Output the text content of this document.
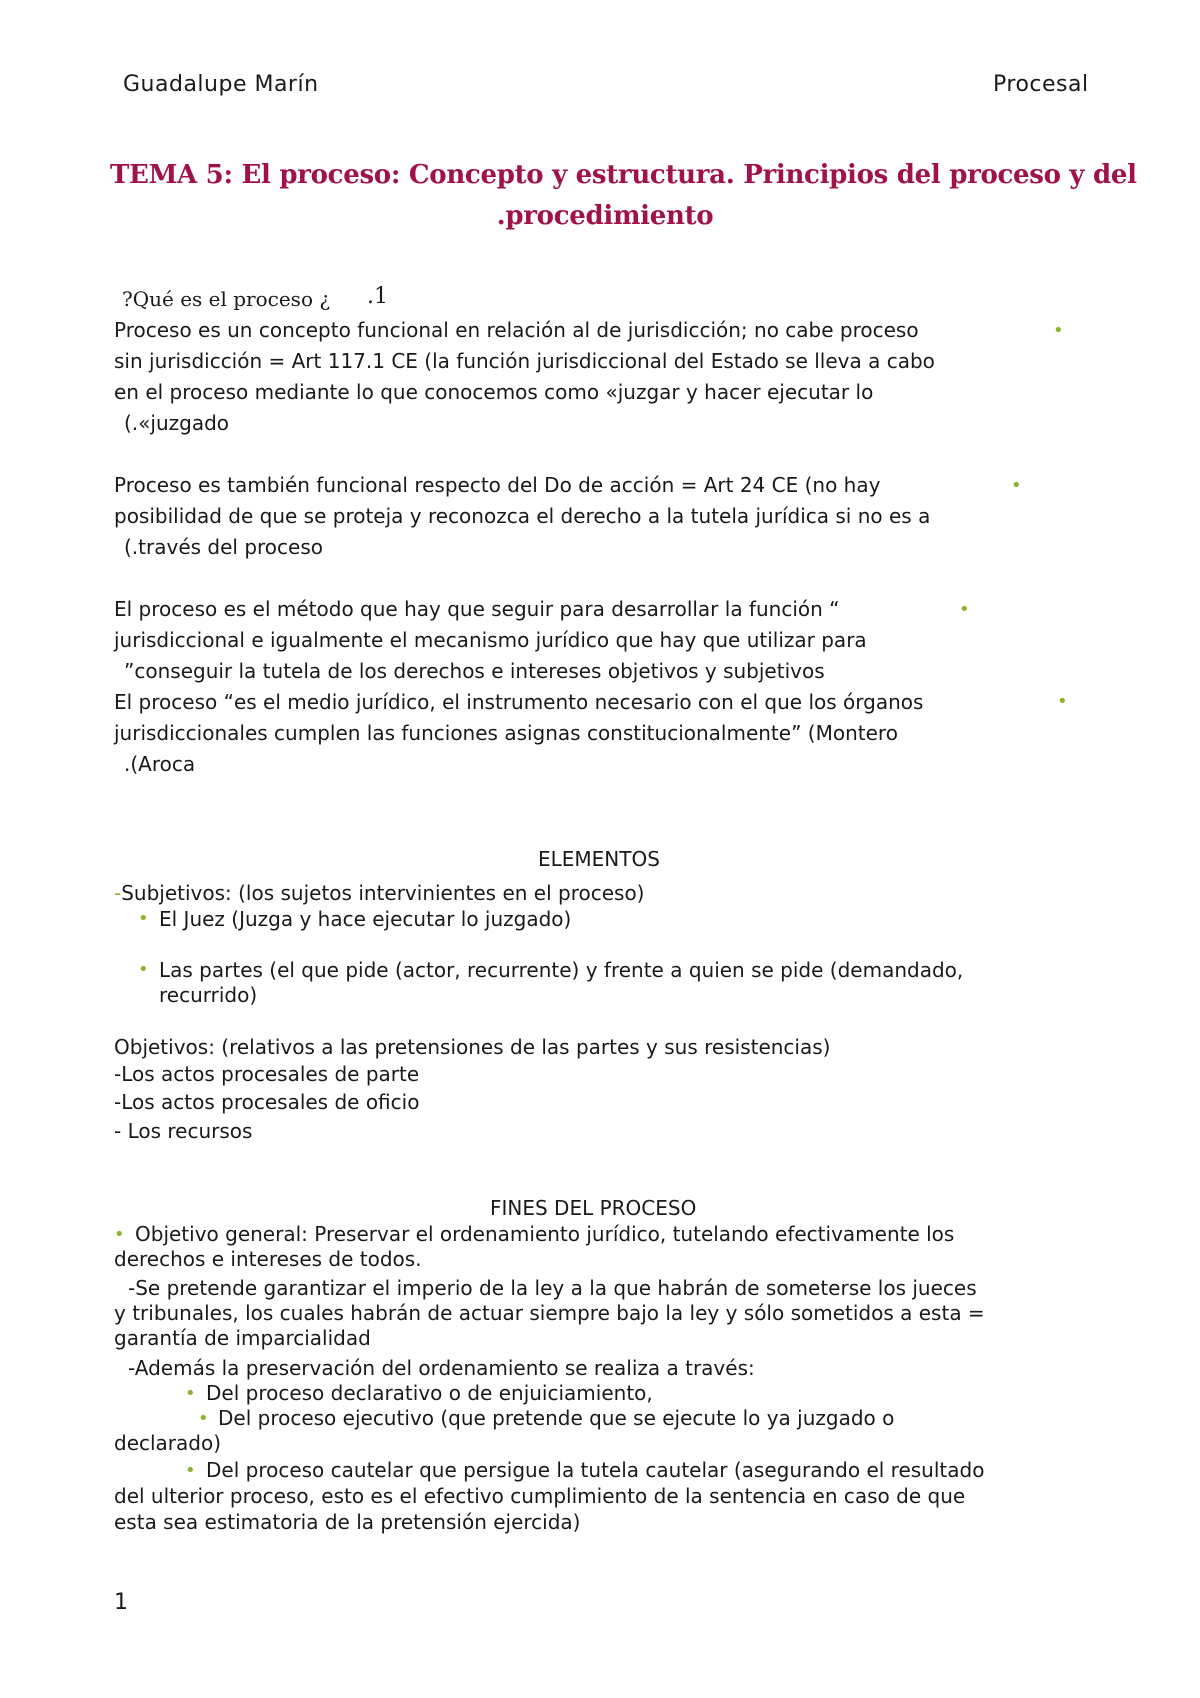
Guadalupe Marín	Procesal
TEMA 5: El proceso: Concepto y estructura. Principios del proceso y del
.procedimiento
?Qué es el proceso ¿ .1
•
Proceso es un concepto funcional en relación al de jurisdicción; no cabe proceso
sin jurisdicción = Art 117.1 CE (la función jurisdiccional del Estado se lleva a cabo
en el proceso mediante lo que conocemos como «juzgar y hacer ejecutar lo
(.«juzgado
•
Proceso es también funcional respecto del Do de acción = Art 24 CE (no hay
posibilidad de que se proteja y reconozca el derecho a la tutela jurídica si no es a
(.través del proceso
•
El proceso es el método que hay que seguir para desarrollar la función “
jurisdiccional e igualmente el mecanismo jurídico que hay que utilizar para
”conseguir la tutela de los derechos e intereses objetivos y subjetivos
•
El proceso “es el medio jurídico, el instrumento necesario con el que los órganos
jurisdiccionales cumplen las funciones asignas constitucionalmente” (Montero
.(Aroca
ELEMENTOS
-Subjetivos: (los sujetos intervinientes en el proceso)
• El Juez (Juzga y hace ejecutar lo juzgado)
• Las partes (el que pide (actor, recurrente) y frente a quien se pide (demandado,
recurrido)
Objetivos: (relativos a las pretensiones de las partes y sus resistencias)
-Los actos procesales de parte
-Los actos procesales de oficio
- Los recursos
FINES DEL PROCESO
• Objetivo general: Preservar el ordenamiento jurídico, tutelando efectivamente los
derechos e intereses de todos.
-Se pretende garantizar el imperio de la ley a la que habrán de someterse los jueces
y tribunales, los cuales habrán de actuar siempre bajo la ley y sólo sometidos a esta =
garantía de imparcialidad
-Además la preservación del ordenamiento se realiza a través:
• Del proceso declarativo o de enjuiciamiento,
• Del proceso ejecutivo (que pretende que se ejecute lo ya juzgado o
declarado)
• Del proceso cautelar que persigue la tutela cautelar (asegurando el resultado
del ulterior proceso, esto es el efectivo cumplimiento de la sentencia en caso de que
esta sea estimatoria de la pretensión ejercida)
1
